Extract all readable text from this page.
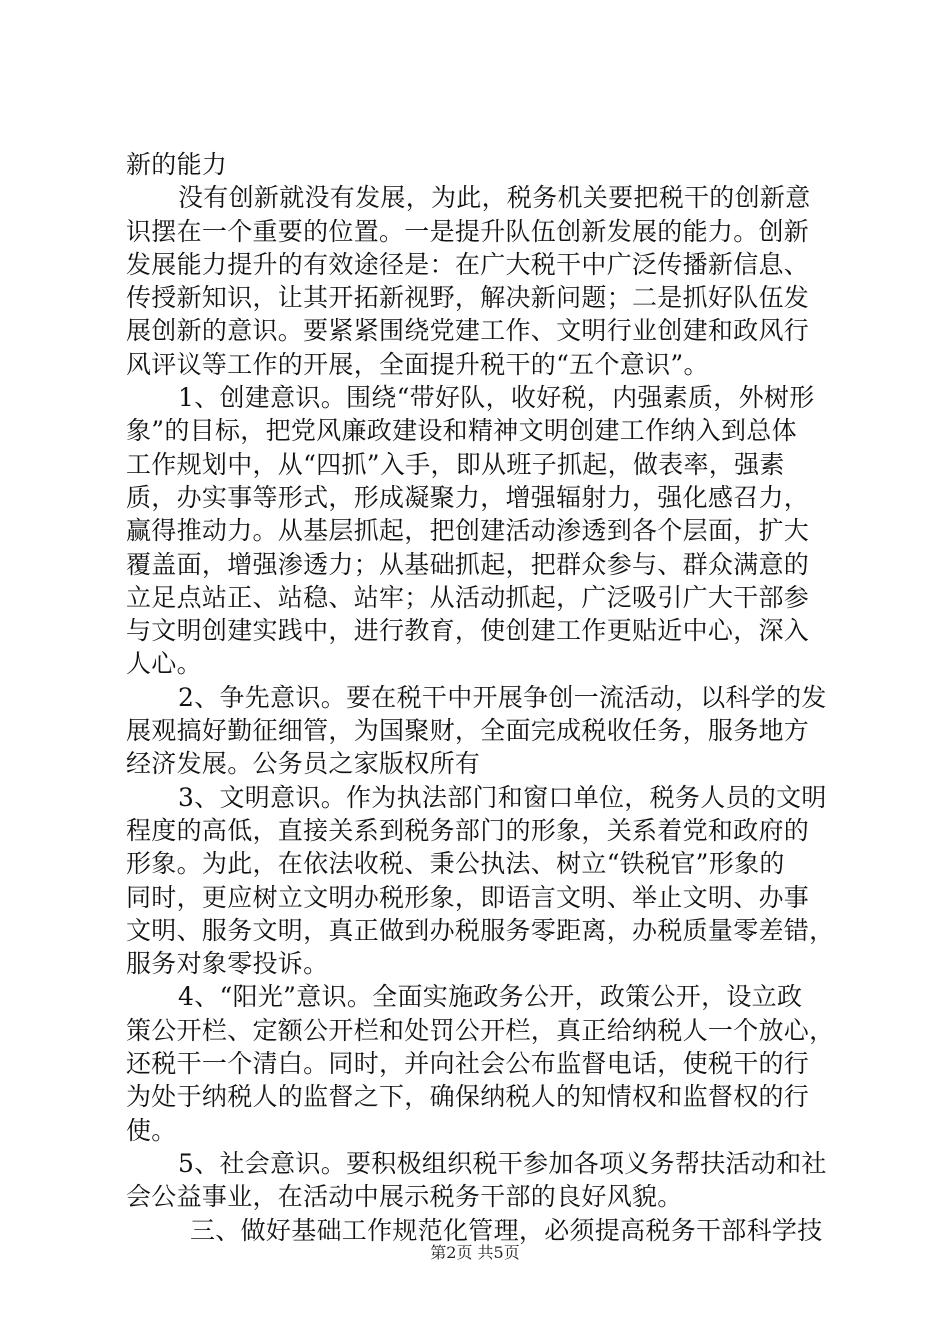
新的能力
没有创新就没有发展，为此，税务机关要把税干的创新意
识摆在一个重要的位置。一是提升队伍创新发展的能力。创新
发展能力提升的有效途径是：在广大税干中广泛传播新信息、
传授新知识，让其开拓新视野，解决新问题；二是抓好队伍发
展创新的意识。要紧紧围绕党建工作、文明行业创建和政风行
风评议等工作的开展，全面提升税干的“五个意识”。
1、创建意识。围绕“带好队，收好税，内强素质，外树形
象”的目标，把党风廉政建设和精神文明创建工作纳入到总体
工作规划中，从“四抓”入手，即从班子抓起，做表率，强素
质，办实事等形式，形成凝聚力，增强辐射力，强化感召力，
赢得推动力。从基层抓起，把创建活动渗透到各个层面，扩大
覆盖面，增强渗透力；从基础抓起，把群众参与、群众满意的
立足点站正、站稳、站牢；从活动抓起，广泛吸引广大干部参
与文明创建实践中，进行教育，使创建工作更贴近中心，深入
人心。
2、争先意识。要在税干中开展争创一流活动，以科学的发
展观搞好勤征细管，为国聚财，全面完成税收任务，服务地方
经济发展。公务员之家版权所有
3、文明意识。作为执法部门和窗口单位，税务人员的文明
程度的高低，直接关系到税务部门的形象，关系着党和政府的
形象。为此，在依法收税、秉公执法、树立“铁税官”形象的
同时，更应树立文明办税形象，即语言文明、举止文明、办事
文明、服务文明，真正做到办税服务零距离，办税质量零差错，
服务对象零投诉。
4、“阳光”意识。全面实施政务公开，政策公开，设立政
策公开栏、定额公开栏和处罚公开栏，真正给纳税人一个放心，
还税干一个清白。同时，并向社会公布监督电话，使税干的行
为处于纳税人的监督之下，确保纳税人的知情权和监督权的行
使。
5、社会意识。要积极组织税干参加各项义务帮扶活动和社
会公益事业，在活动中展示税务干部的良好风貌。
三、做好基础工作规范化管理，必须提高税务干部科学技
第2页 共5页
